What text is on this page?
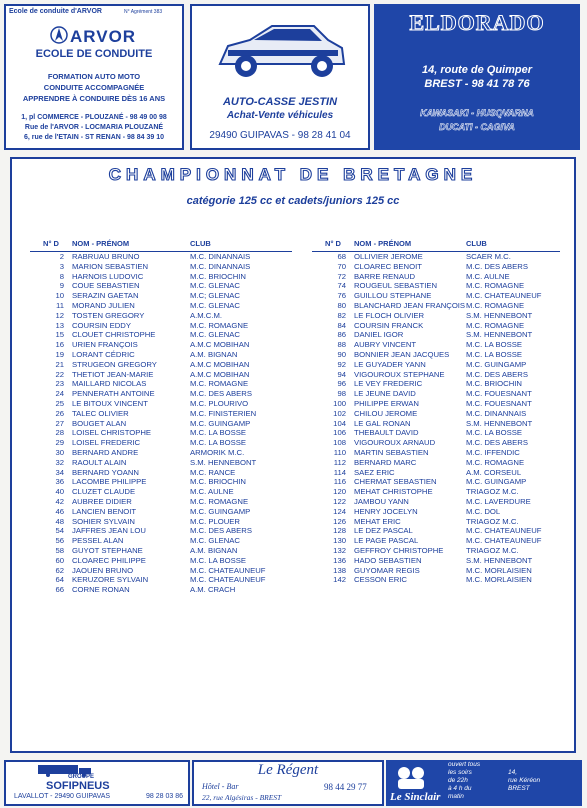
Ecole de conduite d'ARVOR	N° Agrément 383
ARVOR
ECOLE DE CONDUITE
FORMATION AUTO MOTO
CONDUITE ACCOMPAGNÉE
APPRENDRE À CONDUIRE DÈS 16 ANS
1, pl COMMERCE - PLOUZANÉ - 98 49 00 98
Rue de l'ARVOR - LOCMARIA PLOUZANÉ
6, rue de l'ETAIN - ST RENAN - 98 84 39 10
AUTO-CASSE JESTIN
Achat-Vente véhicules
29490 GUIPAVAS - 98 28 41 04
ELDORADO
14, route de Quimper
BREST - 98 41 78 76
KAWASAKI - HUSQVARNA
DUCATI - CAGIVA
CHAMPIONNAT DE BRETAGNE
catégorie 125 cc et cadets/juniors 125 cc
N° D	NOM - PRÉNOM	CLUB
2	RABRUAU BRUNO	M.C. DINANNAIS
3	MARION SEBASTIEN	M.C. DINANNAIS
8	HARNOIS LUDOVIC	M.C. BRIOCHIN
9	COUE SEBASTIEN	M.C. GLENAC
10	SERAZIN GAETAN	M.C; GLENAC
11	MORAND JULIEN	M.C. GLENAC
12	TOSTEN GREGORY	A.M.C.M.
13	COURSIN EDDY	M.C. ROMAGNE
15	CLOUET CHRISTOPHE	M.C. GLENAC
16	URIEN FRANÇOIS	A.M.C MOBIHAN
19	LORANT CÉDRIC	A.M. BIGNAN
21	STRUGEON GREGORY	A.M.C MOBIHAN
22	THETIOT JEAN-MARIE	A.M.C MOBIHAN
23	MAILLARD NICOLAS	M.C. ROMAGNE
24	PENNERATH ANTOINE	M.C. DES ABERS
25	LE BITOUX VINCENT	M.C. PLOURIVO
26	TALEC OLIVIER	M.C. FINISTERIEN
27	BOUGET ALAN	M.C. GUINGAMP
28	LOISEL CHRISTOPHE	M.C. LA BOSSE
29	LOISEL FREDERIC	M.C. LA BOSSE
30	BERNARD ANDRE	ARMORIK M.C.
32	RAOULT ALAIN	S.M. HENNEBONT
34	BERNARD YOANN	M.C. RANCE
36	LACOMBE PHILIPPE	M.C. BRIOCHIN
40	CLUZET CLAUDE	M.C. AULNE
42	AUBREE DIDIER	M.C. ROMAGNE
46	LANCIEN BENOIT	M.C. GUINGAMP
48	SOHIER SYLVAIN	M.C. PLOUER
54	JAFFRES JEAN LOU	M.C. DES ABERS
56	PESSEL ALAN	M.C. GLENAC
58	GUYOT STEPHANE	A.M. BIGNAN
60	CLOAREC PHILIPPE	M.C. LA BOSSE
62	JAOUEN BRUNO	M.C. CHATEAUNEUF
64	KERUZORE SYLVAIN	M.C. CHATEAUNEUF
66	CORNE RONAN	A.M. CRACH
N° D	NOM - PRÉNOM	CLUB
68	OLLIVIER JEROME	SCAER M.C.
70	CLOAREC BENOIT	M.C. DES ABERS
72	BARRE RENAUD	M.C. AULNE
74	ROUGEUL SEBASTIEN	M.C. ROMAGNE
76	GUILLOU STEPHANE	M.C. CHATEAUNEUF
80	BLANCHARD JEAN FRANÇOIS	M.C. ROMAGNE
82	LE FLOCH OLIVIER	S.M. HENNEBONT
84	COURSIN FRANCK	M.C. ROMAGNE
86	DANIEL IGOR	S.M. HENNEBONT
88	AUBRY VINCENT	M.C. LA BOSSE
90	BONNIER JEAN JACQUES	M.C. LA BOSSE
92	LE GUYADER YANN	M.C. GUINGAMP
94	VIGOUROUX STEPHANE	M.C. DES ABERS
96	LE VEY FREDERIC	M.C. BRIOCHIN
98	LE JEUNE DAVID	M.C. FOUESNANT
100	PHILIPPE ERWAN	M.C. FOUESNANT
102	CHILOU JEROME	M.C. DINANNAIS
104	LE GAL RONAN	S.M. HENNEBONT
106	THEBAULT DAVID	M.C. LA BOSSE
108	VIGOUROUX ARNAUD	M.C. DES ABERS
110	MARTIN SEBASTIEN	M.C. IFFENDIC
112	BERNARD MARC	M.C. ROMAGNE
114	SAEZ ERIC	A.M. CORSEUL
116	CHERMAT SEBASTIEN	M.C. GUINGAMP
120	MEHAT CHRISTOPHE	TRIAGOZ M.C.
122	JAMBOU YANN	M.C. LAVERDURE
124	HENRY JOCELYN	M.C. DOL
126	MEHAT ERIC	TRIAGOZ M.C.
128	LE DEZ PASCAL	M.C. CHATEAUNEUF
130	LE PAGE PASCAL	M.C. CHATEAUNEUF
132	GEFFROY CHRISTOPHE	TRIAGOZ M.C.
136	HADO SEBASTIEN	S.M. HENNEBONT
138	GUYOMAR REGIS	M.C. MORLAISIEN
142	CESSON ERIC	M.C. MORLAISIEN
GROUPE
SOFIPNEUS
LAVALLOT - 29490 GUIPAVAS	98 28 03 86
Le Régent
Hôtel - Bar
22, rue Algésiras - BREST
98 44 29 77
Le Sinclair
ouvert tous
les soirs
de 22h
à 4 h du
matin
14,
rue Kéréon
BREST
